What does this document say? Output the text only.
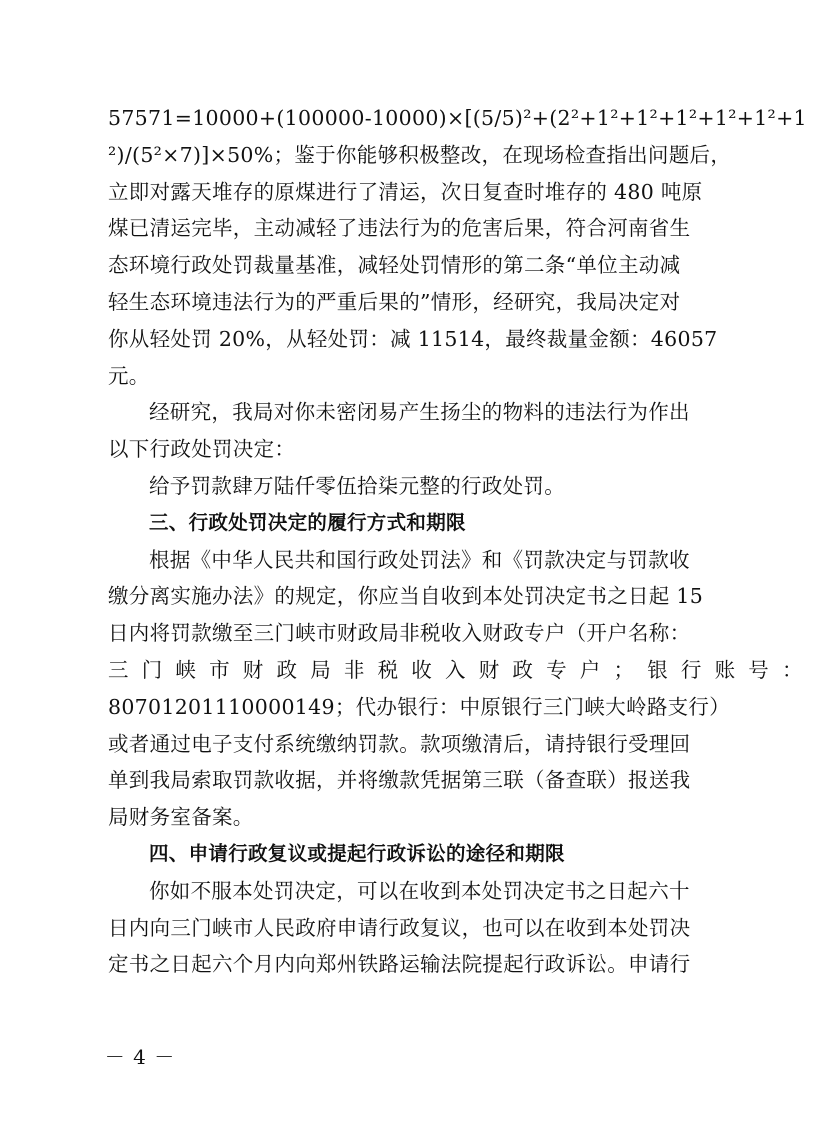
57571=10000+(100000-10000)×[(5/5)²+(2²+1²+1²+1²+1²+1²+1
²)/(5²×7)]×50%；鉴于你能够积极整改，在现场检查指出问题后，
立即对露天堆存的原煤进行了清运，次日复查时堆存的 480 吨原
煤已清运完毕，主动减轻了违法行为的危害后果，符合河南省生
态环境行政处罚裁量基准，减轻处罚情形的第二条“单位主动减
轻生态环境违法行为的严重后果的”情形，经研究，我局决定对
你从轻处罚 20%，从轻处罚：减 11514，最终裁量金额：46057
元。
经研究，我局对你未密闭易产生扬尘的物料的违法行为作出
以下行政处罚决定：
给予罚款肆万陆仟零伍拾柒元整的行政处罚。
三、行政处罚决定的履行方式和期限
根据《中华人民共和国行政处罚法》和《罚款决定与罚款收
缴分离实施办法》的规定，你应当自收到本处罚决定书之日起 15
日内将罚款缴至三门峡市财政局非税收入财政专户（开户名称：
三门峡市财政局非税收入财政专户；银行账号：
80701201110000149；代办银行：中原银行三门峡大岭路支行）
或者通过电子支付系统缴纳罚款。款项缴清后，请持银行受理回
单到我局索取罚款收据，并将缴款凭据第三联（备查联）报送我
局财务室备案。
四、申请行政复议或提起行政诉讼的途径和期限
你如不服本处罚决定，可以在收到本处罚决定书之日起六十
日内向三门峡市人民政府申请行政复议，也可以在收到本处罚决
定书之日起六个月内向郑州铁路运输法院提起行政诉讼。申请行
－ 4 －
